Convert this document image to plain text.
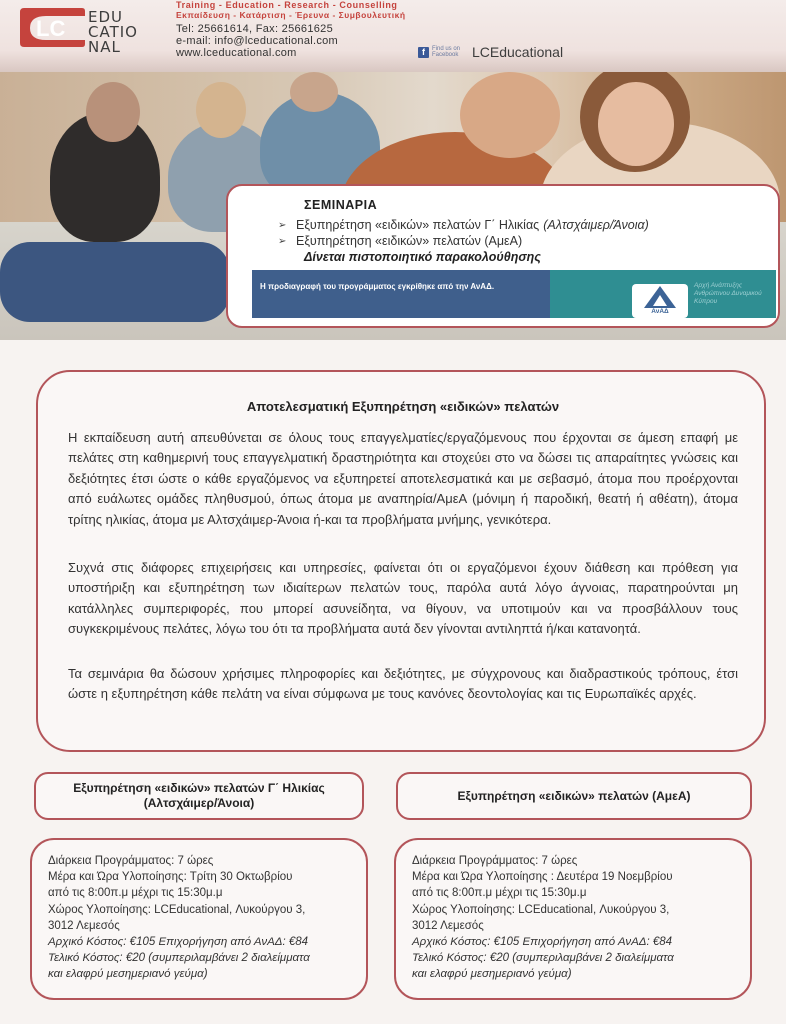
LC EDU
CATIO
NAL
Training - Education - Research - Counselling
Εκπαίδευση - Κατάρτιση - Έρευνα - Συμβουλευτική
Tel: 25661614, Fax: 25661625
e-mail: info@lceducational.com
www.lceducational.com	f	Find us on Facebook LCEducational
ΣΕΜΙΝΑΡΙΑ
➢ Εξυπηρέτηση «ειδικών» πελατών Γ΄ Ηλικίας (Αλτσχάιμερ/Άνοια)
➢ Εξυπηρέτηση «ειδικών» πελατών (ΑμεΑ)
Δίνεται πιστοποιητικό παρακολούθησης
Η προδιαγραφή του προγράμματος εγκρίθηκε από την ΑνΑΔ.
ΑνΑΔ
Αρχή Ανάπτυξης Ανθρώπινου Δυναμικού Κύπρου
Αποτελεσματική Εξυπηρέτηση «ειδικών» πελατών

Η εκπαίδευση αυτή απευθύνεται σε όλους τους επαγγελματίες/εργαζόμενους που έρχονται σε άμεση επαφή με πελάτες στη καθημερινή τους επαγγελματική δραστηριότητα και στοχεύει στο να δώσει τις απαραίτητες γνώσεις και δεξιότητες έτσι ώστε ο κάθε εργαζόμενος να εξυπηρετεί αποτελεσματικά και με σεβασμό, άτομα που προέρχονται από ευάλωτες ομάδες πληθυσμού, όπως άτομα με αναπηρία/ΑμεΑ (μόνιμη ή παροδική, θεατή ή αθέατη), άτομα τρίτης ηλικίας, άτομα με Αλτσχάιμερ-Άνοια ή-και τα προβλήματα μνήμης, γενικότερα.

Συχνά στις διάφορες επιχειρήσεις και υπηρεσίες, φαίνεται ότι οι εργαζόμενοι έχουν διάθεση και πρόθεση για υποστήριξη και εξυπηρέτηση των ιδιαίτερων πελατών τους, παρόλα αυτά λόγο άγνοιας, παρατηρούνται μη κατάλληλες συμπεριφορές, που μπορεί ασυνείδητα, να θίγουν, να υποτιμούν και να προσβάλλουν τους συγκεκριμένους πελάτες, λόγω του ότι τα προβλήματα αυτά δεν γίνονται αντιληπτά ή/και κατανοητά.

Τα σεμινάρια θα δώσουν χρήσιμες πληροφορίες και δεξιότητες, με σύγχρονους και διαδραστικούς τρόπους, έτσι ώστε η εξυπηρέτηση κάθε πελάτη να είναι σύμφωνα με τους κανόνες δεοντολογίας και τις Ευρωπαϊκές αρχές.

Εξυπηρέτηση «ειδικών» πελατών Γ΄ Ηλικίας
(Αλτσχάιμερ/Άνοια)
Εξυπηρέτηση «ειδικών» πελατών (ΑμεΑ)
Διάρκεια Προγράμματος: 7 ώρες
Μέρα και Ώρα Υλοποίησης: Τρίτη 30 Οκτωβρίου
από τις 8:00π.μ μέχρι τις 15:30μ.μ
Χώρος Υλοποίησης: LCEducational, Λυκούργου 3,
3012 Λεμεσός
Αρχικό Κόστος: €105 Επιχορήγηση από ΑνΑΔ: €84
Τελικό Κόστος: €20 (συμπεριλαμβάνει 2 διαλείμματα
και ελαφρύ μεσημεριανό γεύμα)
Διάρκεια Προγράμματος: 7 ώρες
Μέρα και Ώρα Υλοποίησης : Δευτέρα 19 Νοεμβρίου
από τις 8:00π.μ μέχρι τις 15:30μ.μ
Χώρος Υλοποίησης: LCEducational, Λυκούργου 3,
3012 Λεμεσός
Αρχικό Κόστος: €105 Επιχορήγηση από ΑνΑΔ: €84
Τελικό Κόστος: €20 (συμπεριλαμβάνει 2 διαλείμματα
και ελαφρύ μεσημεριανό γεύμα)
